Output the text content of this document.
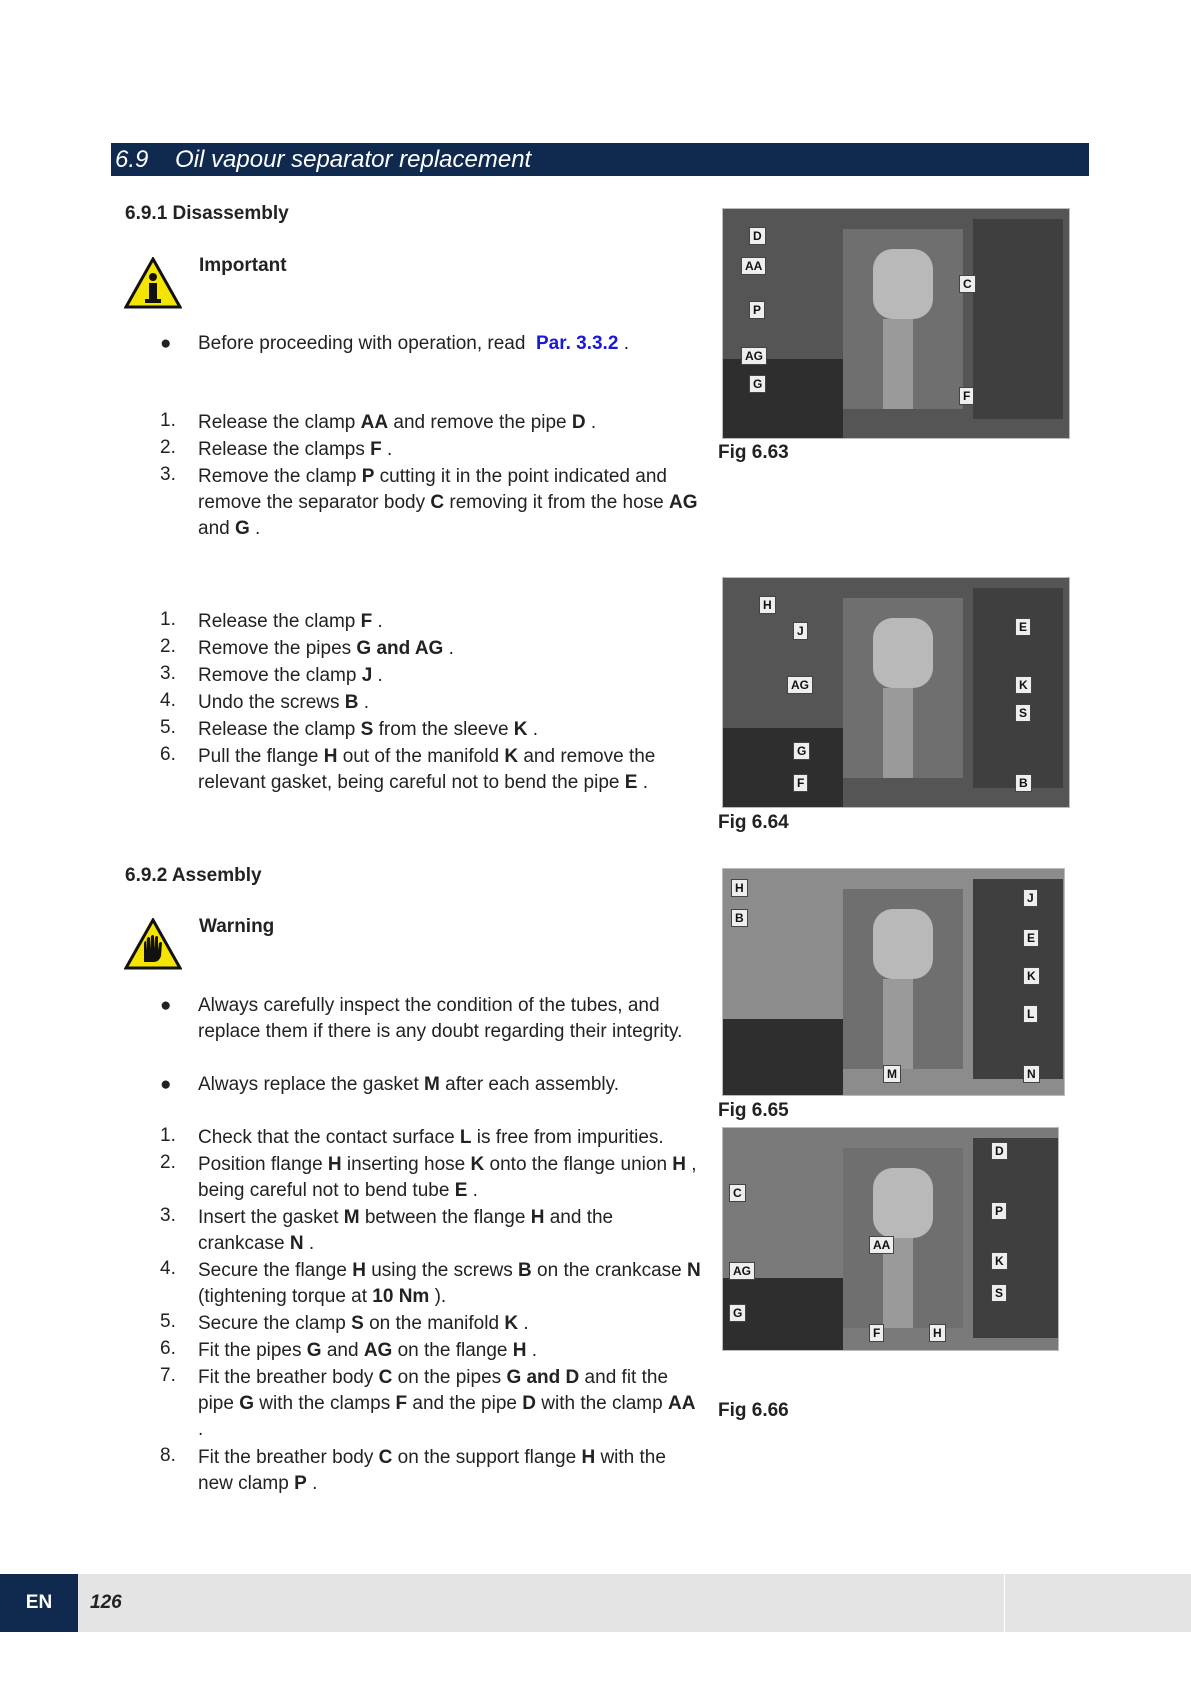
6.9 Oil vapour separator replacement
6.9.1 Disassembly
Important
● Before proceeding with operation, read Par. 3.3.2 .
1. Release the clamp AA and remove the pipe D .
2. Release the clamps F .
3. Remove the clamp P cutting it in the point indicated and remove the separator body C removing it from the hose AG and G .
1. Release the clamp F .
2. Remove the pipes G and AG .
3. Remove the clamp J .
4. Undo the screws B .
5. Release the clamp S from the sleeve K .
6. Pull the flange H out of the manifold K and remove the relevant gasket, being careful not to bend the pipe E .
6.9.2 Assembly
Warning
● Always carefully inspect the condition of the tubes, and replace them if there is any doubt regarding their integrity.
● Always replace the gasket M after each assembly.
1. Check that the contact surface L is free from impurities.
2. Position flange H inserting hose K onto the flange union H , being careful not to bend tube E .
3. Insert the gasket M between the flange H and the crankcase N .
4. Secure the flange H using the screws B on the crankcase N (tightening torque at 10 Nm ).
5. Secure the clamp S on the manifold K .
6. Fit the pipes G and AG on the flange H .
7. Fit the breather body C on the pipes G and D and fit the pipe G with the clamps F and the pipe D with the clamp AA .
8. Fit the breather body C on the support flange H with the new clamp P .
D
AA
P
AG
G
C
F
Fig 6.63
H
J
AG
G
F
E
K
S
B
Fig 6.64
H
B
M
J
E
K
L
N
Fig 6.65
C
AG
G
AA
F	H
D
P
K
S
Fig 6.66
EN	126
